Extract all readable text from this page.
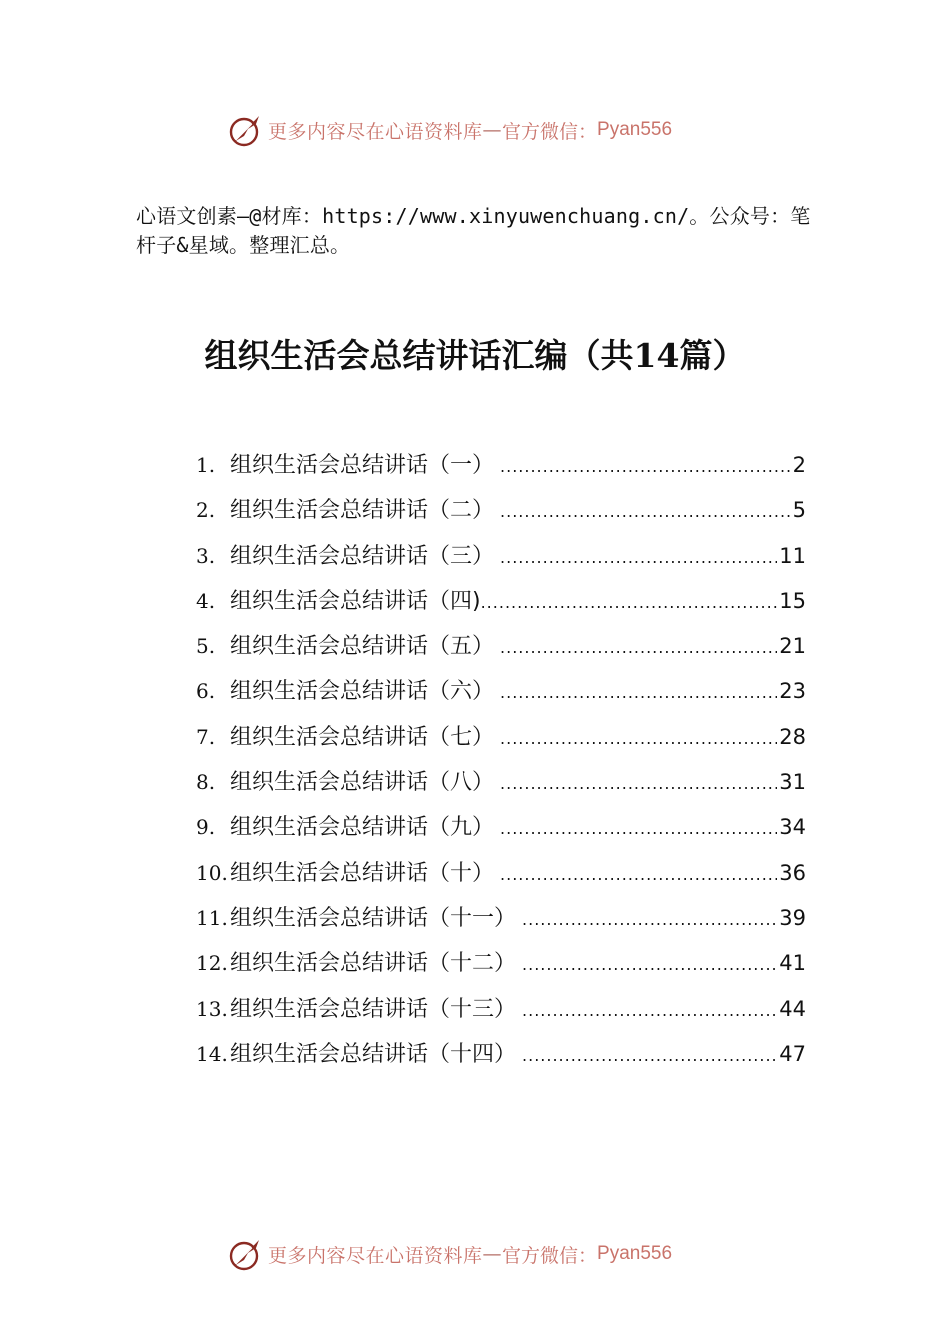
更多内容尽在心语资料库 — 官方微信： Pyan556
心语文创素—@材库：https://www.xinyuwenchuang.cn/。公众号：笔杆子&星域。整理汇总。
组织生活会总结讲话汇编（共14篇）
1. 组织生活会总结讲话（一） .....	2
2. 组织生活会总结讲话（二） .....	5
3. 组织生活会总结讲话（三） .....	11
4. 组织生活会总结讲话（四) .....	15
5. 组织生活会总结讲话（五） .....	21
6. 组织生活会总结讲话（六） .....	23
7. 组织生活会总结讲话（七） .....	28
8. 组织生活会总结讲话（八） .....	31
9. 组织生活会总结讲话（九） .....	34
10. 组织生活会总结讲话（十） .....	36
11. 组织生活会总结讲话（十一） .....	39
12. 组织生活会总结讲话（十二） .....	41
13. 组织生活会总结讲话（十三） .....	44
14. 组织生活会总结讲话（十四） .....	47
更多内容尽在心语资料库 — 官方微信： Pyan556
